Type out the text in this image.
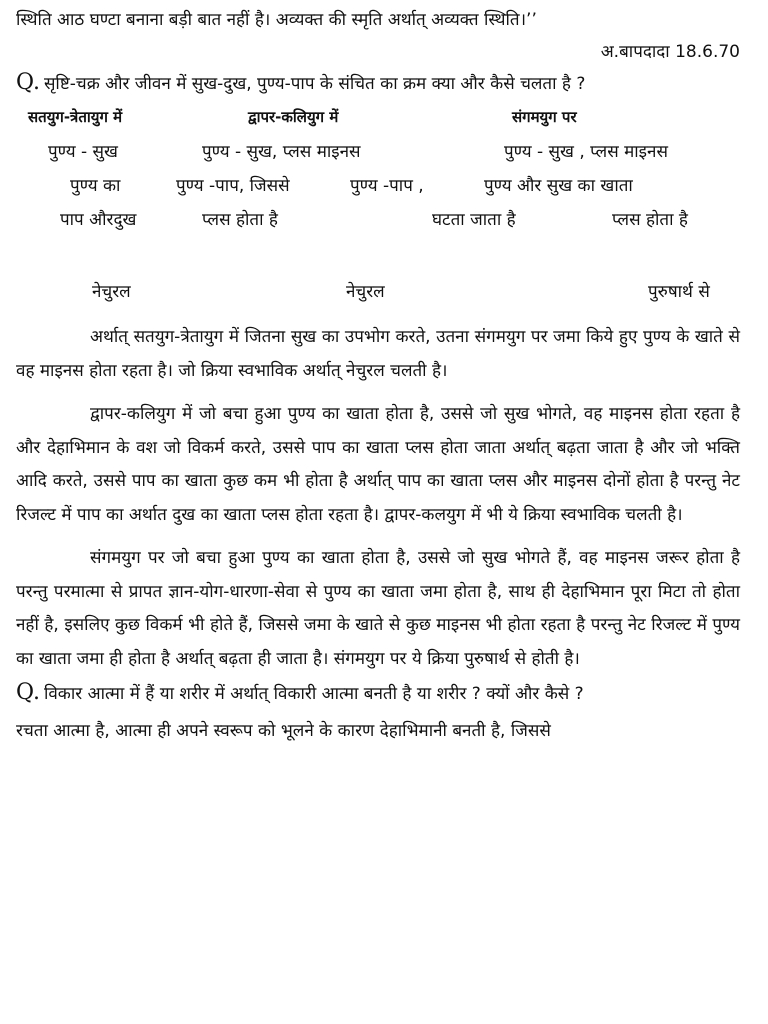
स्थिति आठ घण्टा बनाना बड़ी बात नहीं है। अव्यक्त की स्मृति अर्थात् अव्यक्त स्थिति।’’
अ.बापदादा 18.6.70
Q. सृष्टि-चक्र और जीवन में सुख-दुख, पुण्य-पाप के संचित का क्रम क्या और कैसे चलता है ?
सतयुग-त्रेतायुग में	द्वापर-कलियुग में	संगमयुग पर
पुण्य - सुख	पुण्य - सुख, प्लस माइनस	पुण्य - सुख , प्लस माइनस
पुण्य का	पुण्य -पाप, जिससे	पुण्य -पाप ,	पुण्य और सुख का खाता
पाप औरदुख	प्लस होता है	घटता जाता है	प्लस होता है
नेचुरल	नेचुरल	पुरुषार्थ से

अर्थात् सतयुग-त्रेतायुग में जितना सुख का उपभोग करते, उतना संगमयुग पर जमा किये हुए पुण्य के खाते से वह माइनस होता रहता है। जो क्रिया स्वभाविक अर्थात् नेचुरल चलती है।

द्वापर-कलियुग में जो बचा हुआ पुण्य का खाता होता है, उससे जो सुख भोगते, वह माइनस होता रहता है और देहाभिमान के वश जो विकर्म करते, उससे पाप का खाता प्लस होता जाता अर्थात् बढ़ता जाता है और जो भक्ति आदि करते, उससे पाप का खाता कुछ कम भी होता है अर्थात् पाप का खाता प्लस और माइनस दोनों होता है परन्तु नेट रिजल्ट में पाप का अर्थात दुख का खाता प्लस होता रहता है। द्वापर-कलयुग में भी ये क्रिया स्वभाविक चलती है।

संगमयुग पर जो बचा हुआ पुण्य का खाता होता है, उससे जो सुख भोगते हैं, वह माइनस जरूर होता है परन्तु परमात्मा से प्रापत ज्ञान-योग-धारणा-सेवा से पुण्य का खाता जमा होता है, साथ ही देहाभिमान पूरा मिटा तो होता नहीं है, इसलिए कुछ विकर्म भी होते हैं, जिससे जमा के खाते से कुछ माइनस भी होता रहता है परन्तु नेट रिजल्ट में पुण्य का खाता जमा ही होता है अर्थात् बढ़ता ही जाता है। संगमयुग पर ये क्रिया पुरुषार्थ से होती है।

Q. विकार आत्मा में हैं या शरीर में अर्थात् विकारी आत्मा बनती है या शरीर ? क्यों और कैसे ?
रचता आत्मा है, आत्मा ही अपने स्वरूप को भूलने के कारण देहाभिमानी बनती है, जिससे
